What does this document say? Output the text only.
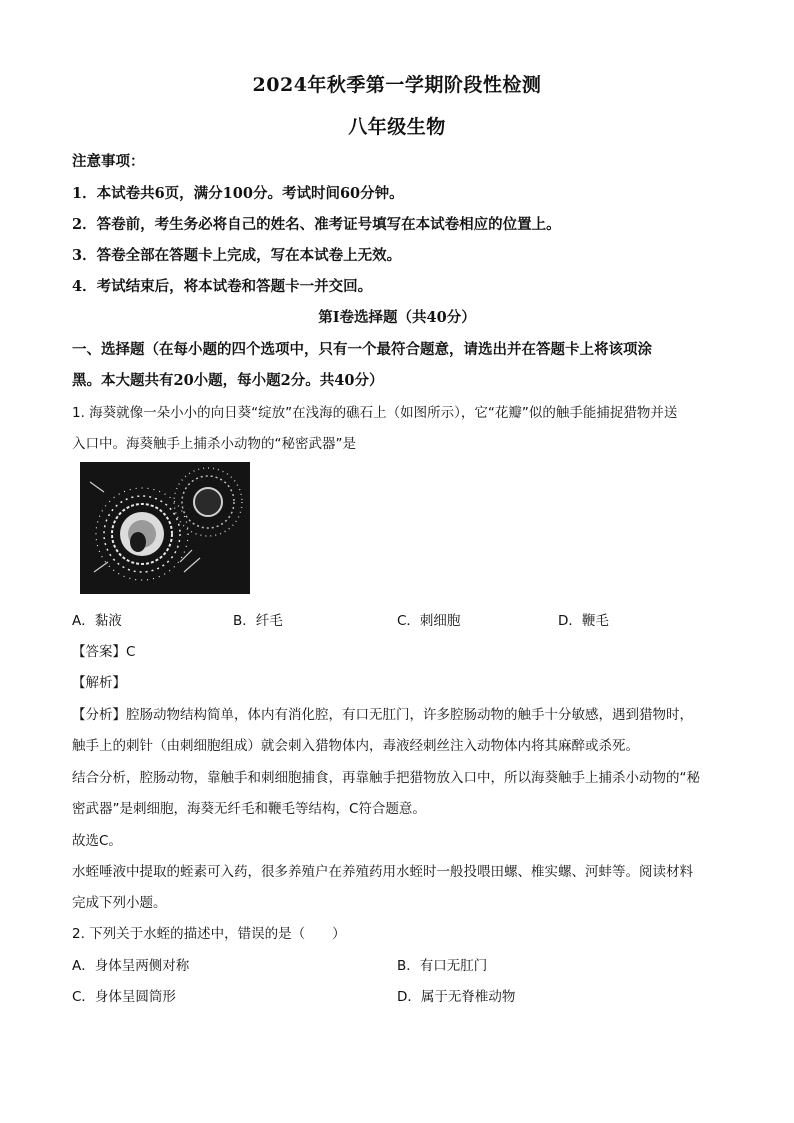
2024年秋季第一学期阶段性检测
八年级生物
注意事项：
1．本试卷共6页，满分100分。考试时间60分钟。
2．答卷前，考生务必将自己的姓名、准考证号填写在本试卷相应的位置上。
3．答卷全部在答题卡上完成，写在本试卷上无效。
4．考试结束后，将本试卷和答题卡一并交回。
第Ⅰ卷选择题（共40分）
一、选择题（在每小题的四个选项中，只有一个最符合题意，请选出并在答题卡上将该项涂
黑。本大题共有20小题，每小题2分。共40分）
1. 海葵就像一朵小小的向日葵“绽放”在浅海的礁石上（如图所示），它“花瓣”似的触手能捕捉猎物并送
入口中。海葵触手上捕杀小动物的“秘密武器”是
A．黏液	B．纤毛	C．刺细胞	D．鞭毛
【答案】C
【解析】
【分析】腔肠动物结构简单，体内有消化腔，有口无肛门，许多腔肠动物的触手十分敏感，遇到猎物时，
触手上的刺针（由刺细胞组成）就会刺入猎物体内，毒液经刺丝注入动物体内将其麻醉或杀死。
结合分析，腔肠动物，靠触手和刺细胞捕食，再靠触手把猎物放入口中，所以海葵触手上捕杀小动物的“秘
密武器”是刺细胞，海葵无纤毛和鞭毛等结构，C符合题意。
故选C。
水蛭唾液中提取的蛭素可入药，很多养殖户在养殖药用水蛭时一般投喂田螺、椎实螺、河蚌等。阅读材料
完成下列小题。
2. 下列关于水蛭的描述中，错误的是（　　）
A．身体呈两侧对称	B．有口无肛门
C．身体呈圆筒形	D．属于无脊椎动物
